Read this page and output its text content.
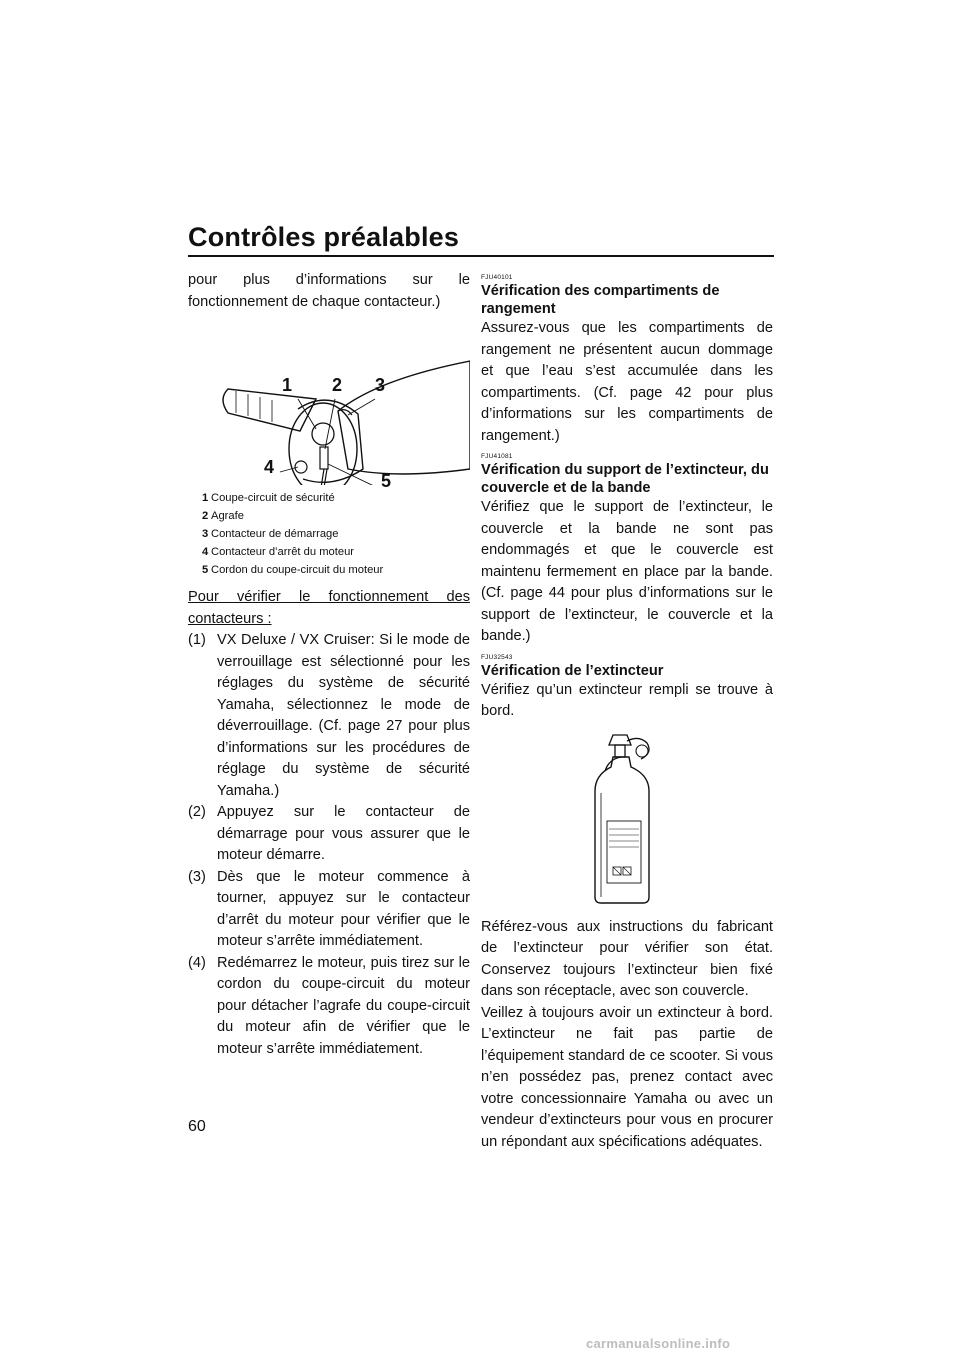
Contrôles préalables

pour plus d’informations sur le fonctionnement de chaque contacteur.)

1 2 3
4
5
1 Coupe-circuit de sécurité
2 Agrafe
3 Contacteur de démarrage
4 Contacteur d’arrêt du moteur
5 Cordon du coupe-circuit du moteur
Pour vérifier le fonctionnement des
contacteurs :
(1) VX Deluxe / VX Cruiser: Si le mode de verrouillage est sélectionné pour les réglages du système de sécurité Yamaha, sélectionnez le mode de déverrouillage. (Cf. page 27 pour plus d’informations sur les procédures de réglage du système de sécurité Yamaha.)
(2) Appuyez sur le contacteur de démarrage pour vous assurer que le moteur démarre.
(3) Dès que le moteur commence à tourner, appuyez sur le contacteur d’arrêt du moteur pour vérifier que le moteur s’arrête immédiatement.
(4) Redémarrez le moteur, puis tirez sur le cordon du coupe-circuit du moteur pour détacher l’agrafe du coupe-circuit du moteur afin de vérifier que le moteur s’arrête immédiatement.
FJU40101
Vérification des compartiments de rangement

Assurez-vous que les compartiments de rangement ne présentent aucun dommage et que l’eau s’est accumulée dans les compartiments. (Cf. page 42 pour plus d’informations sur les compartiments de rangement.)

FJU41081
Vérification du support de l’extincteur, du couvercle et de la bande

Vérifiez que le support de l’extincteur, le couvercle et la bande ne sont pas endommagés et que le couvercle est maintenu fermement en place par la bande. (Cf. page 44 pour plus d’informations sur le support de l’extincteur, le couvercle et la bande.)

FJU32543
Vérification de l’extincteur

Vérifiez qu’un extincteur rempli se trouve à bord.

Référez-vous aux instructions du fabricant de l’extincteur pour vérifier son état. Conservez toujours l’extincteur bien fixé dans son réceptacle, avec son couvercle.

Veillez à toujours avoir un extincteur à bord. L’extincteur ne fait pas partie de l’équipement standard de ce scooter. Si vous n’en possédez pas, prenez contact avec votre concessionnaire Yamaha ou avec un vendeur d’extincteurs pour vous en procurer un répondant aux spécifications adéquates.

60
carmanualsonline.info
